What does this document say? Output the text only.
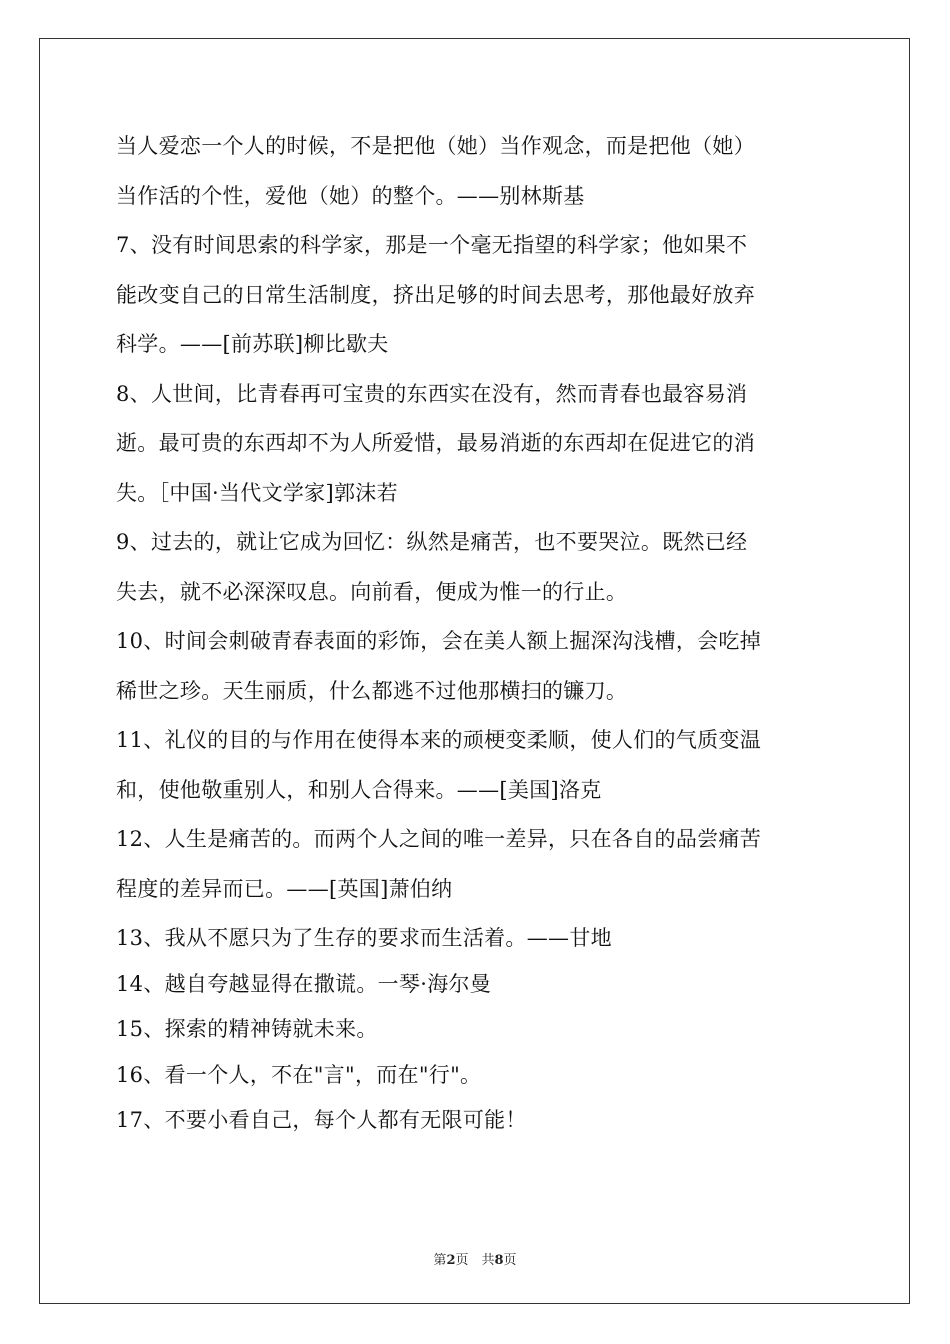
当人爱恋一个人的时候，不是把他（她）当作观念，而是把他（她）
当作活的个性，爱他（她）的整个。——别林斯基
7、没有时间思索的科学家，那是一个毫无指望的科学家；他如果不
能改变自己的日常生活制度，挤出足够的时间去思考，那他最好放弃
科学。——[前苏联]柳比歇夫
8、人世间，比青春再可宝贵的东西实在没有，然而青春也最容易消
逝。最可贵的东西却不为人所爱惜，最易消逝的东西却在促进它的消
失。［中国·当代文学家]郭沫若
9、过去的，就让它成为回忆：纵然是痛苦，也不要哭泣。既然已经
失去，就不必深深叹息。向前看，便成为惟一的行止。
10、时间会刺破青春表面的彩饰，会在美人额上掘深沟浅槽，会吃掉
稀世之珍。天生丽质，什么都逃不过他那横扫的镰刀。
11、礼仪的目的与作用在使得本来的顽梗变柔顺，使人们的气质变温
和，使他敬重别人，和别人合得来。——[美国]洛克
12、人生是痛苦的。而两个人之间的唯一差异，只在各自的品尝痛苦
程度的差异而已。——[英国]萧伯纳
13、我从不愿只为了生存的要求而生活着。——甘地
14、越自夸越显得在撒谎。一琴·海尔曼
15、探索的精神铸就未来。
16、看一个人，不在"言"，而在"行"。
17、不要小看自己，每个人都有无限可能！
第2页　共8页
